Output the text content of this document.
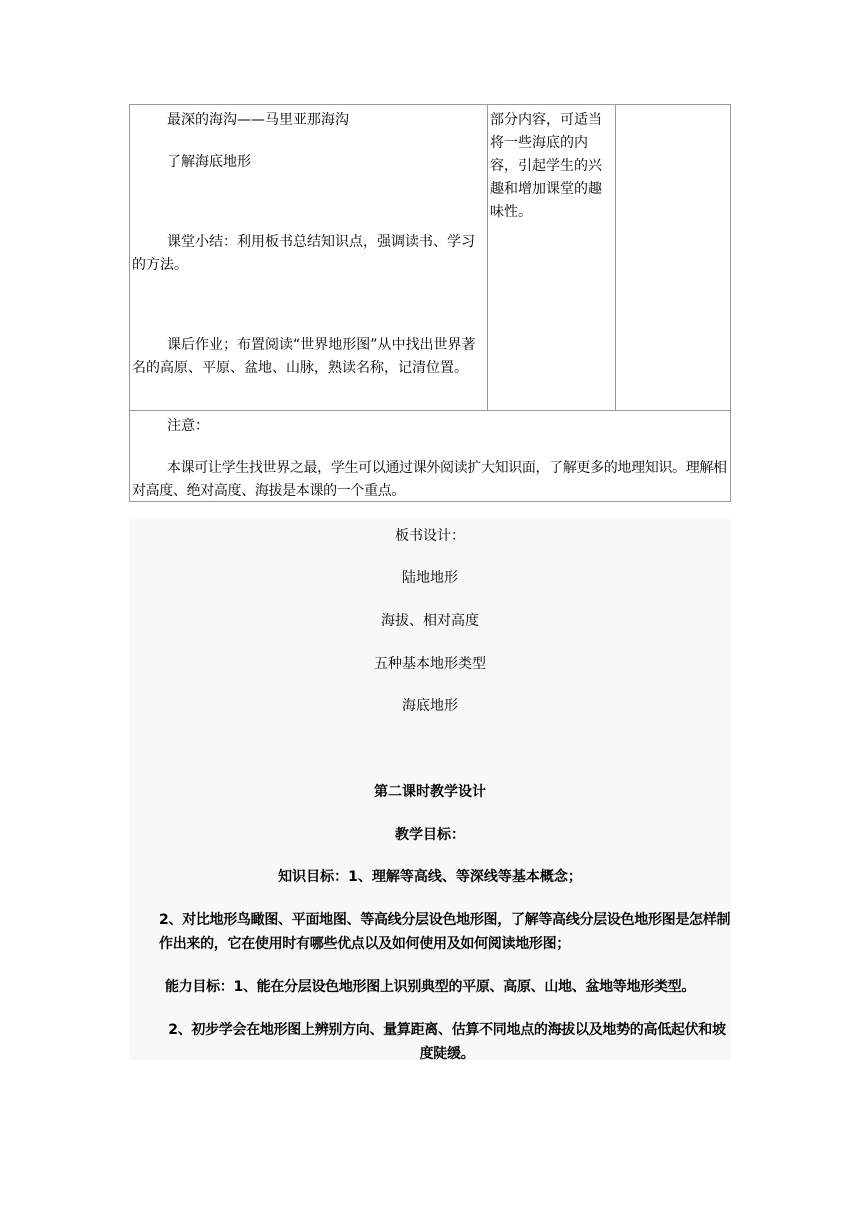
最深的海沟——马里亚那海沟

了解海底地形

课堂小结：利用板书总结知识点，强调读书、学习的方法。

课后作业；布置阅读“世界地形图”从中找出世界著名的高原、平原、盆地、山脉，熟读名称，记清位置。

部分内容，可适当将一些海底的内容，引起学生的兴趣和增加课堂的趣味性。

注意：

本课可让学生找世界之最，学生可以通过课外阅读扩大知识面，了解更多的地理知识。理解相对高度、绝对高度、海拔是本课的一个重点。

板书设计：
陆地地形
海拔、相对高度
五种基本地形类型
海底地形
第二课时教学设计
教学目标：
知识目标：1、理解等高线、等深线等基本概念；
2、对比地形鸟瞰图、平面地图、等高线分层设色地形图，了解等高线分层设色地形图是怎样制作出来的，它在使用时有哪些优点以及如何使用及如何阅读地形图；
能力目标：1、能在分层设色地形图上识别典型的平原、高原、山地、盆地等地形类型。
2、初步学会在地形图上辨别方向、量算距离、估算不同地点的海拔以及地势的高低起伏和坡度陡缓。
